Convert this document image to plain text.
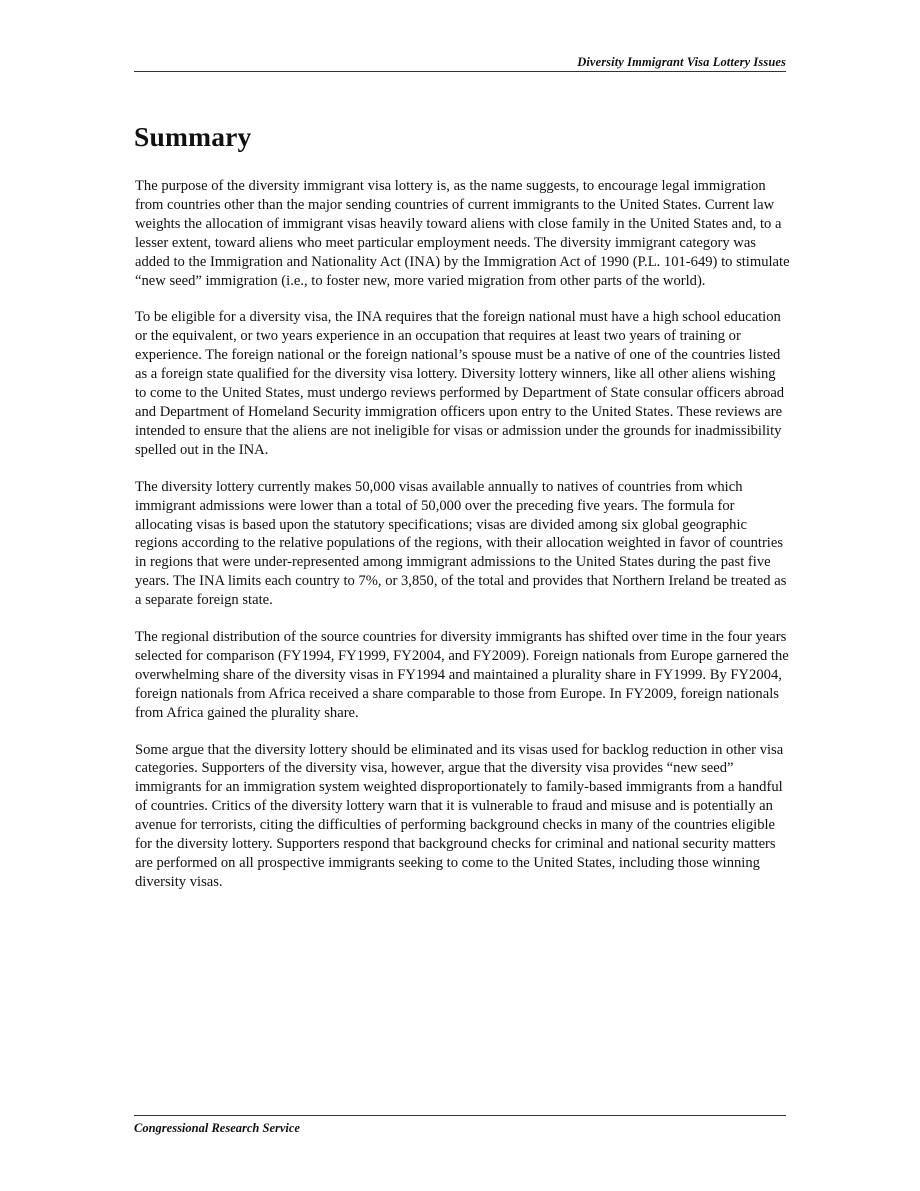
Diversity Immigrant Visa Lottery Issues
Summary

The purpose of the diversity immigrant visa lottery is, as the name suggests, to encourage legal immigration from countries other than the major sending countries of current immigrants to the United States. Current law weights the allocation of immigrant visas heavily toward aliens with close family in the United States and, to a lesser extent, toward aliens who meet particular employment needs. The diversity immigrant category was added to the Immigration and Nationality Act (INA) by the Immigration Act of 1990 (P.L. 101-649) to stimulate “new seed” immigration (i.e., to foster new, more varied migration from other parts of the world).

To be eligible for a diversity visa, the INA requires that the foreign national must have a high school education or the equivalent, or two years experience in an occupation that requires at least two years of training or experience. The foreign national or the foreign national’s spouse must be a native of one of the countries listed as a foreign state qualified for the diversity visa lottery. Diversity lottery winners, like all other aliens wishing to come to the United States, must undergo reviews performed by Department of State consular officers abroad and Department of Homeland Security immigration officers upon entry to the United States. These reviews are intended to ensure that the aliens are not ineligible for visas or admission under the grounds for inadmissibility spelled out in the INA.

The diversity lottery currently makes 50,000 visas available annually to natives of countries from which immigrant admissions were lower than a total of 50,000 over the preceding five years. The formula for allocating visas is based upon the statutory specifications; visas are divided among six global geographic regions according to the relative populations of the regions, with their allocation weighted in favor of countries in regions that were under-represented among immigrant admissions to the United States during the past five years. The INA limits each country to 7%, or 3,850, of the total and provides that Northern Ireland be treated as a separate foreign state.

The regional distribution of the source countries for diversity immigrants has shifted over time in the four years selected for comparison (FY1994, FY1999, FY2004, and FY2009). Foreign nationals from Europe garnered the overwhelming share of the diversity visas in FY1994 and maintained a plurality share in FY1999. By FY2004, foreign nationals from Africa received a share comparable to those from Europe. In FY2009, foreign nationals from Africa gained the plurality share.

Some argue that the diversity lottery should be eliminated and its visas used for backlog reduction in other visa categories. Supporters of the diversity visa, however, argue that the diversity visa provides “new seed” immigrants for an immigration system weighted disproportionately to family-based immigrants from a handful of countries. Critics of the diversity lottery warn that it is vulnerable to fraud and misuse and is potentially an avenue for terrorists, citing the difficulties of performing background checks in many of the countries eligible for the diversity lottery. Supporters respond that background checks for criminal and national security matters are performed on all prospective immigrants seeking to come to the United States, including those winning diversity visas.

Congressional Research Service
